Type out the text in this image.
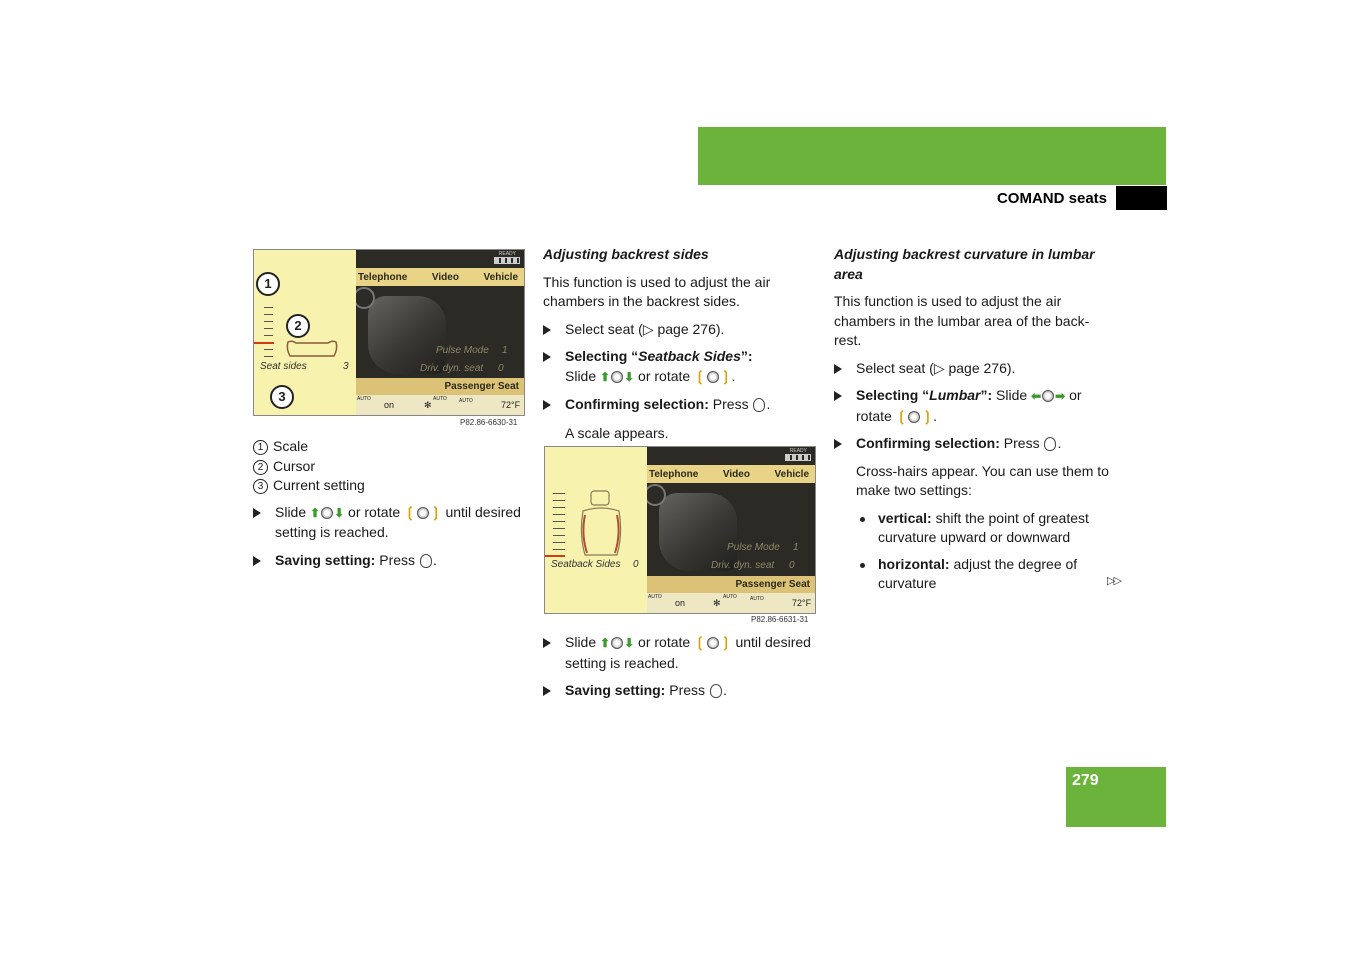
Control systems
COMAND seats
Seat sides	3
1
2
3
READY
Telephone Video Vehicle
Pulse Mode 1
Driv. dyn. seat 0
Passenger Seat
AUTO
on	✻
AUTO AUTO	72°F
P82.86-6630-31

1 Scale

2 Cursor

3 Current setting

Slide ⬆ ⬇ or rotate ❲ ❳ until desired setting is reached.

Saving setting: Press .

Adjusting backrest sides

This function is used to adjust the air chambers in the backrest sides.

Select seat (▷ page 276).

Selecting “Seatback Sides”:
Slide ⬆ ⬇ or rotate ❲ ❳.

Confirming selection: Press .

A scale appears.

Seatback Sides 0
READY
Telephone Video Vehicle
Pulse Mode 1
Driv. dyn. seat 0
Passenger Seat
AUTO
on	✻
AUTO	AUTO	72°F
P82.86-6631-31

Slide ⬆ ⬇ or rotate ❲ ❳ until desired setting is reached.

Saving setting: Press .

Adjusting backrest curvature in lumbar area

This function is used to adjust the air chambers in the lumbar area of the back-rest.

Select seat (▷ page 276).

Selecting “Lumbar”: Slide ⬅ ➡ or
rotate ❲ ❳.

Confirming selection: Press .

Cross-hairs appear. You can use them to make two settings:

vertical: shift the point of greatest curvature upward or downward

horizontal: adjust the degree of curvature	▷▷
279
